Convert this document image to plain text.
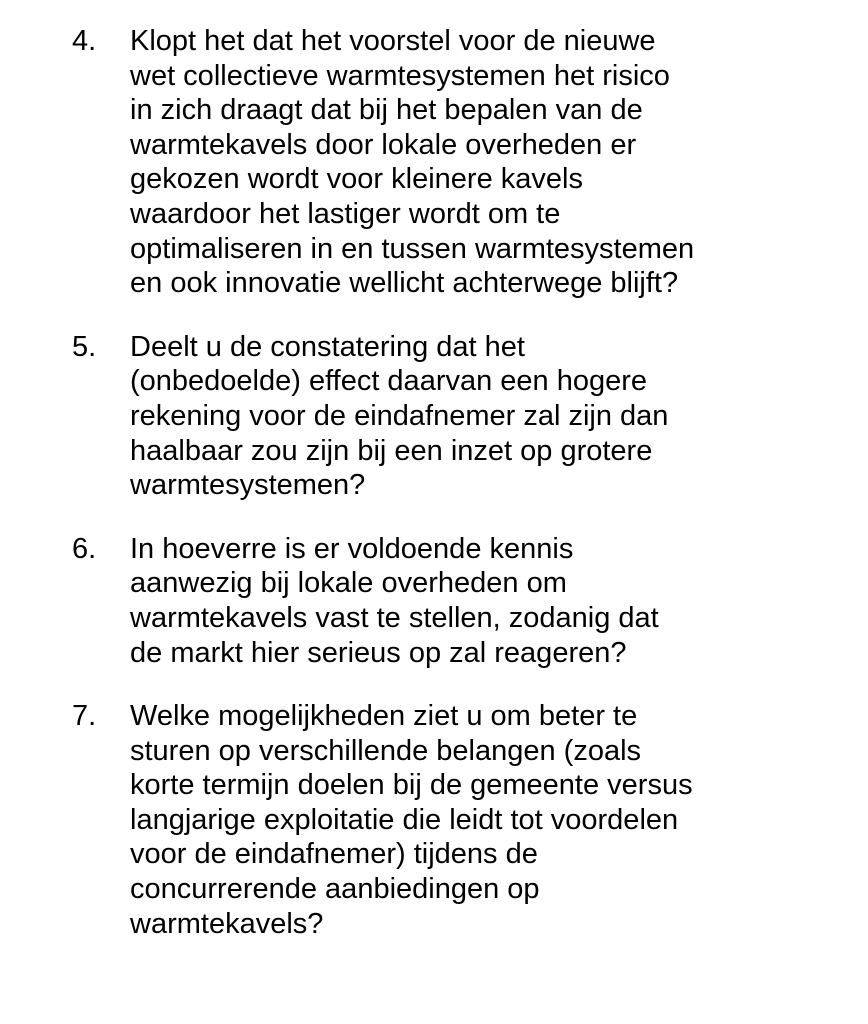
4. Klopt het dat het voorstel voor de nieuwe
wet collectieve warmtesystemen het risico
in zich draagt dat bij het bepalen van de
warmtekavels door lokale overheden er
gekozen wordt voor kleinere kavels
waardoor het lastiger wordt om te
optimaliseren in en tussen warmtesystemen
en ook innovatie wellicht achterwege blijft?
5. Deelt u de constatering dat het
(onbedoelde) effect daarvan een hogere
rekening voor de eindafnemer zal zijn dan
haalbaar zou zijn bij een inzet op grotere
warmtesystemen?
6. In hoeverre is er voldoende kennis
aanwezig bij lokale overheden om
warmtekavels vast te stellen, zodanig dat
de markt hier serieus op zal reageren?
7. Welke mogelijkheden ziet u om beter te
sturen op verschillende belangen (zoals
korte termijn doelen bij de gemeente versus
langjarige exploitatie die leidt tot voordelen
voor de eindafnemer) tijdens de
concurrerende aanbiedingen op
warmtekavels?
